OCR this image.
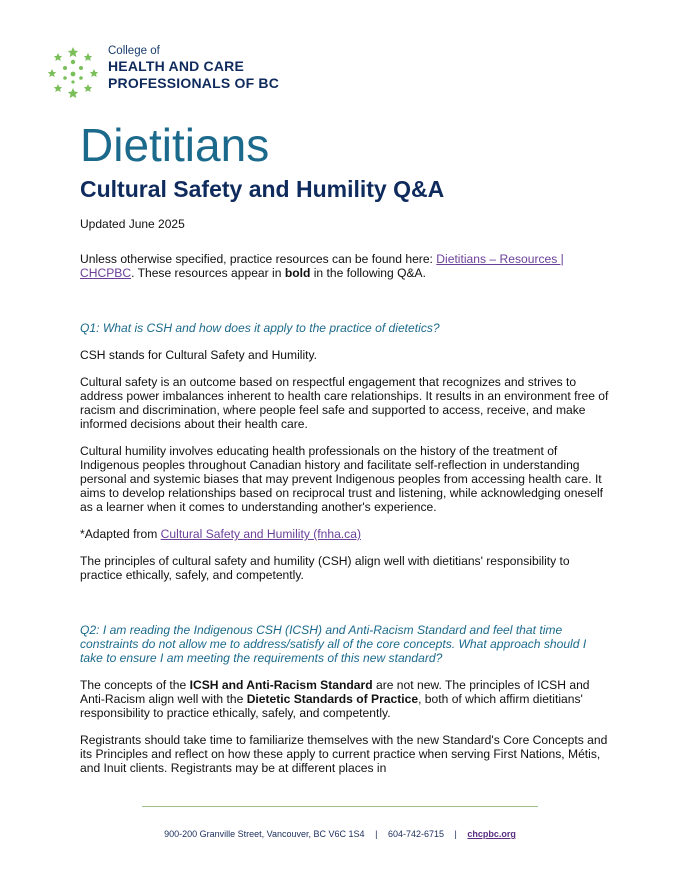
College of
HEALTH AND CARE
PROFESSIONALS OF BC
Dietitians
Cultural Safety and Humility Q&A
Updated June 2025

Unless otherwise specified, practice resources can be found here: Dietitians – Resources | CHCPBC. These resources appear in bold in the following Q&A.

Q1: What is CSH and how does it apply to the practice of dietetics?

CSH stands for Cultural Safety and Humility.

Cultural safety is an outcome based on respectful engagement that recognizes and strives to address power imbalances inherent to health care relationships. It results in an environment free of racism and discrimination, where people feel safe and supported to access, receive, and make informed decisions about their health care.

Cultural humility involves educating health professionals on the history of the treatment of Indigenous peoples throughout Canadian history and facilitate self-reflection in understanding personal and systemic biases that may prevent Indigenous peoples from accessing health care. It aims to develop relationships based on reciprocal trust and listening, while acknowledging oneself as a learner when it comes to understanding another's experience.

*Adapted from Cultural Safety and Humility (fnha.ca)

The principles of cultural safety and humility (CSH) align well with dietitians' responsibility to practice ethically, safely, and competently.

Q2: I am reading the Indigenous CSH (ICSH) and Anti-Racism Standard and feel that time constraints do not allow me to address/satisfy all of the core concepts. What approach should I take to ensure I am meeting the requirements of this new standard?

The concepts of the ICSH and Anti-Racism Standard are not new. The principles of ICSH and Anti-Racism align well with the Dietetic Standards of Practice, both of which affirm dietitians' responsibility to practice ethically, safely, and competently.

Registrants should take time to familiarize themselves with the new Standard's Core Concepts and its Principles and reflect on how these apply to current practice when serving First Nations, Métis, and Inuit clients. Registrants may be at different places in

900-200 Granville Street, Vancouver, BC V6C 1S4 | 604-742-6715 | chcpbc.org
